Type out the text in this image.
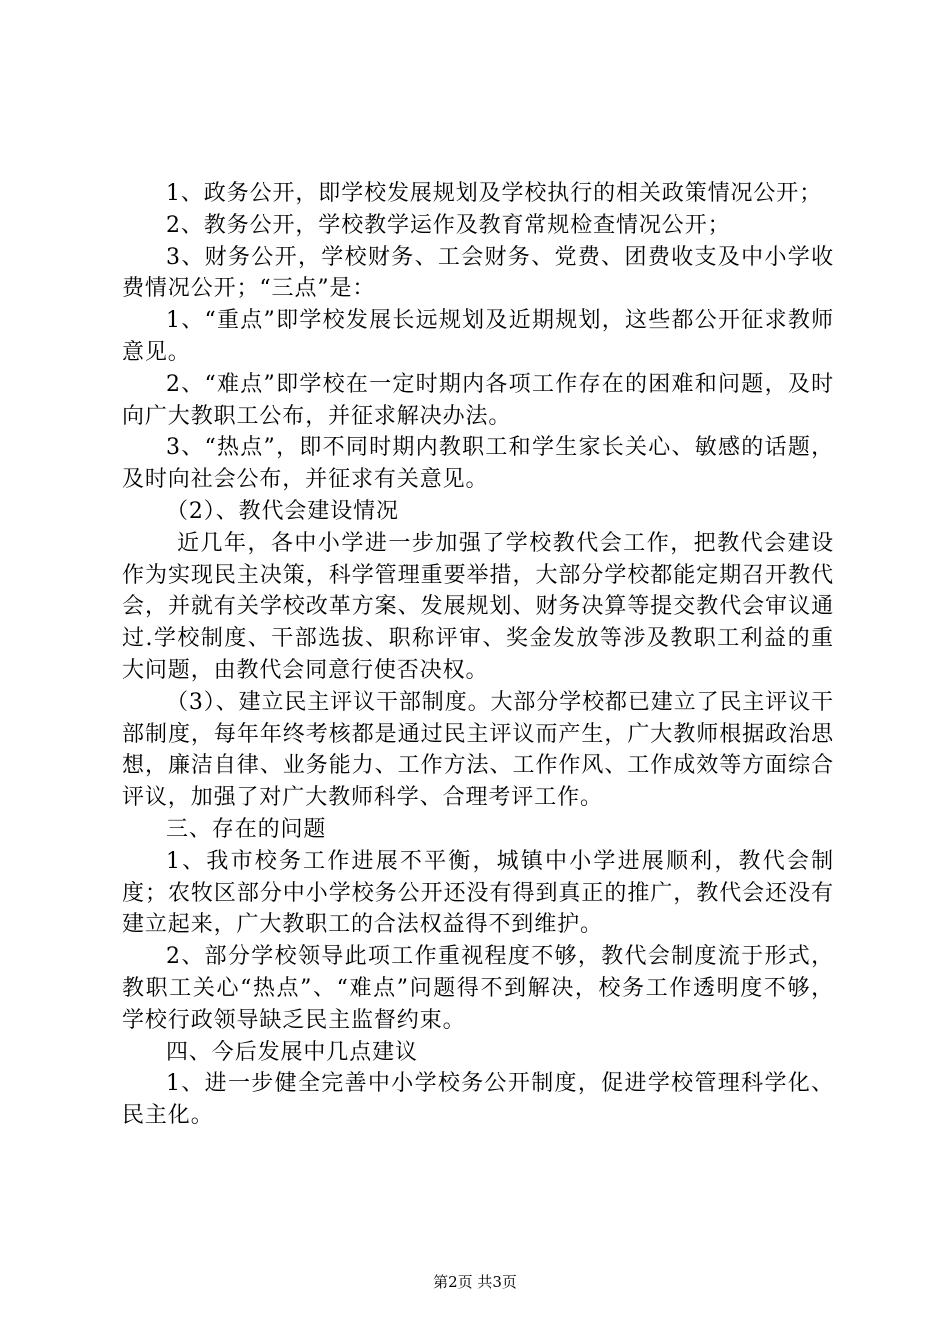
1、政务公开，即学校发展规划及学校执行的相关政策情况公开；

2、教务公开，学校教学运作及教育常规检查情况公开；

3、财务公开，学校财务、工会财务、党费、团费收支及中小学收费情况公开；“三点”是：

1、“重点”即学校发展长远规划及近期规划，这些都公开征求教师意见。

2、“难点”即学校在一定时期内各项工作存在的困难和问题，及时向广大教职工公布，并征求解决办法。

3、“热点”，即不同时期内教职工和学生家长关心、敏感的话题，及时向社会公布，并征求有关意见。

（2）、教代会建设情况

近几年，各中小学进一步加强了学校教代会工作，把教代会建设作为实现民主决策，科学管理重要举措，大部分学校都能定期召开教代会，并就有关学校改革方案、发展规划、财务决算等提交教代会审议通过.学校制度、干部选拔、职称评审、奖金发放等涉及教职工利益的重大问题，由教代会同意行使否决权。

（3）、建立民主评议干部制度。大部分学校都已建立了民主评议干部制度，每年年终考核都是通过民主评议而产生，广大教师根据政治思想，廉洁自律、业务能力、工作方法、工作作风、工作成效等方面综合评议，加强了对广大教师科学、合理考评工作。

三、存在的问题

1、我市校务工作进展不平衡，城镇中小学进展顺利，教代会制度；农牧区部分中小学校务公开还没有得到真正的推广，教代会还没有建立起来，广大教职工的合法权益得不到维护。

2、部分学校领导此项工作重视程度不够，教代会制度流于形式，教职工关心“热点”、“难点”问题得不到解决，校务工作透明度不够，学校行政领导缺乏民主监督约束。

四、今后发展中几点建议

1、进一步健全完善中小学校务公开制度，促进学校管理科学化、民主化。

第2页 共3页
